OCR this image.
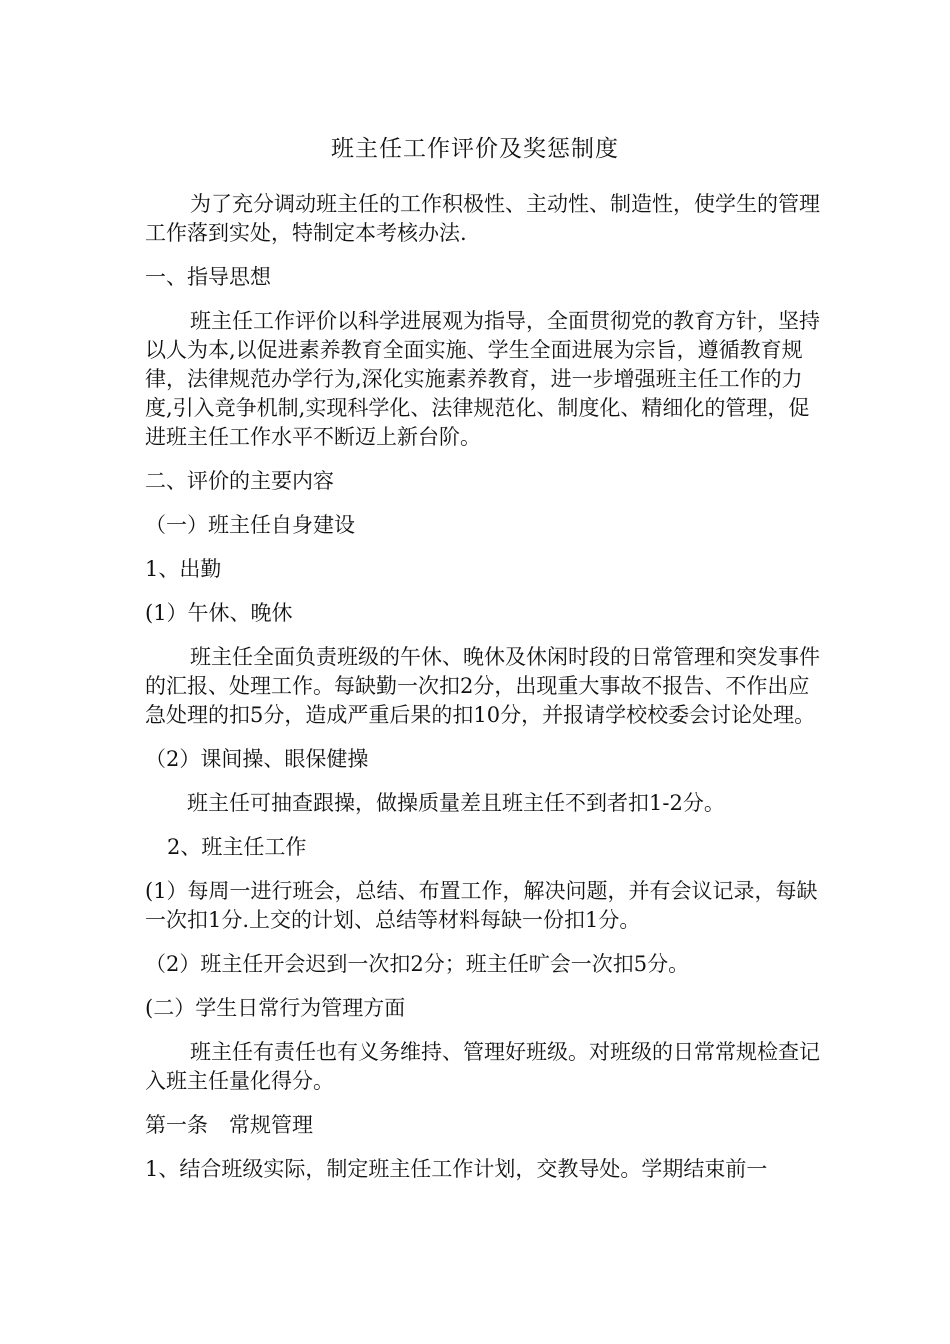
班主任工作评价及奖惩制度

为了充分调动班主任的工作积极性、主动性、制造性，使学生的管理工作落到实处，特制定本考核办法.

一、指导思想

班主任工作评价以科学进展观为指导，全面贯彻党的教育方针，坚持以人为本,以促进素养教育全面实施、学生全面进展为宗旨，遵循教育规律，法律规范办学行为,深化实施素养教育，进一步增强班主任工作的力度,引入竞争机制,实现科学化、法律规范化、制度化、精细化的管理，促进班主任工作水平不断迈上新台阶。

二、评价的主要内容

（一）班主任自身建设

1、出勤

(1）午休、晚休

班主任全面负责班级的午休、晚休及休闲时段的日常管理和突发事件的汇报、处理工作。每缺勤一次扣2分，出现重大事故不报告、不作出应急处理的扣5分，造成严重后果的扣10分，并报请学校校委会讨论处理。

（2）课间操、眼保健操

班主任可抽查跟操，做操质量差且班主任不到者扣1-2分。

2、班主任工作

(1）每周一进行班会，总结、布置工作，解决问题，并有会议记录，每缺一次扣1分.上交的计划、总结等材料每缺一份扣1分。

（2）班主任开会迟到一次扣2分；班主任旷会一次扣5分。

(二）学生日常行为管理方面

班主任有责任也有义务维持、管理好班级。对班级的日常常规检查记入班主任量化得分。

第一条　常规管理

1、结合班级实际，制定班主任工作计划，交教导处。学期结束前一
